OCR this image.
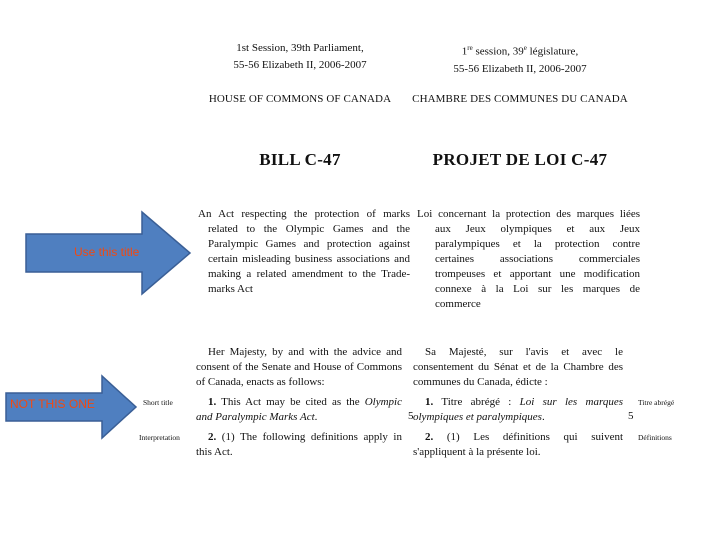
1st Session, 39th Parliament,
55-56 Elizabeth II, 2006-2007
1re session, 39e législature,
55-56 Elizabeth II, 2006-2007
HOUSE OF COMMONS OF CANADA	CHAMBRE DES COMMUNES DU CANADA
BILL C-47	PROJET DE LOI C-47
An Act respecting the protection of marks related to the Olympic Games and the Paralympic Games and protection against certain misleading business associations and making a related amendment to the Trade-marks Act
Loi concernant la protection des marques liées aux Jeux olympiques et aux Jeux paralympiques et la protection contre certaines associations commerciales trompeuses et apportant une modification connexe à la Loi sur les marques de commerce
Her Majesty, by and with the advice and consent of the Senate and House of Commons of Canada, enacts as follows:
Sa Majesté, sur l'avis et avec le consentement du Sénat et de la Chambre des communes du Canada, édicte :
Short title	1. This Act may be cited as the Olympic and Paralympic Marks Act.	5
1. Titre abrégé : Loi sur les marques olympiques et paralympiques.
Titre abrégé
5
Interpretation	2. (1) The following definitions apply in this Act.
2. (1) Les définitions qui suivent s'appliquent à la présente loi.
Définitions
Use this title
NOT THIS ONE
